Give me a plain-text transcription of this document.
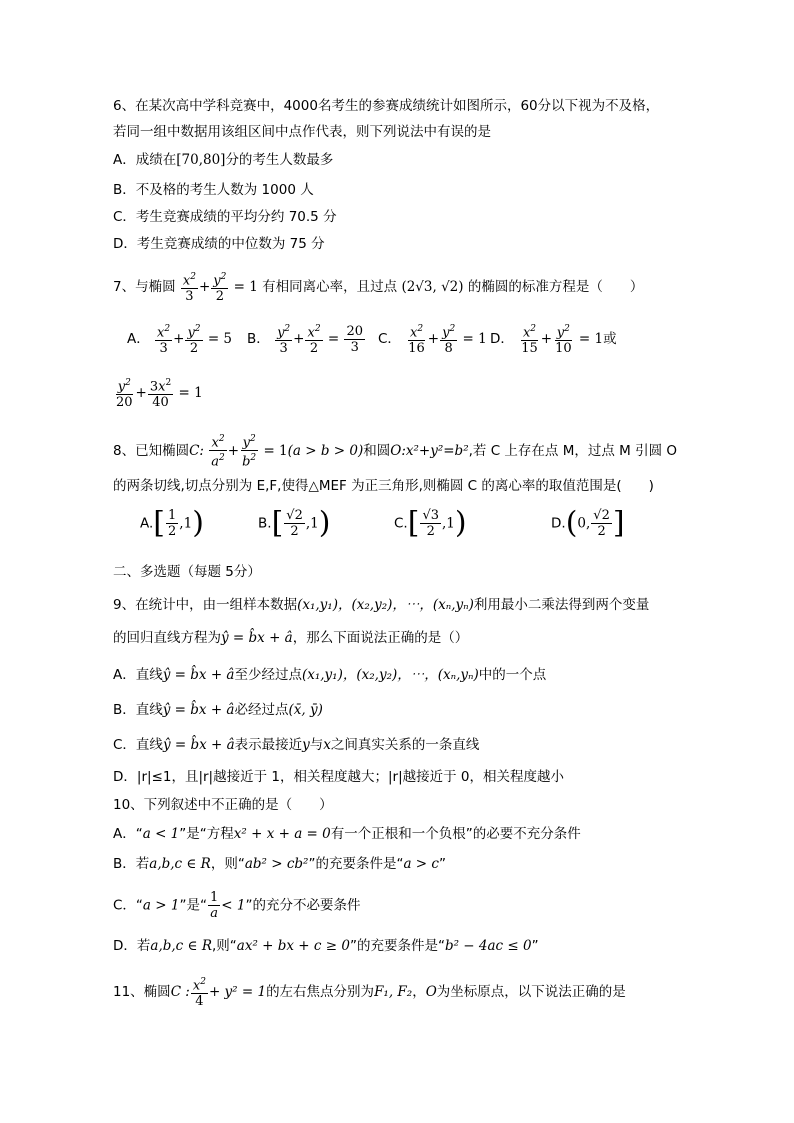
6、在某次高中学科竞赛中，4000名考生的参赛成绩统计如图所示，60分以下视为不及格，
若同一组中数据用该组区间中点作代表，则下列说法中有误的是
A．成绩在[70,80]分的考生人数最多
B．不及格的考生人数为 1000 人
C．考生竞赛成绩的平均分约 70.5 分
D．考生竞赛成绩的中位数为 75 分
7、与椭圆 $\frac{x^2}{3} + \frac{y^2}{2} = 1$ 有相同离心率，且过点 (2√3, √2) 的椭圆的标准方程是（　　）
A． $\frac{x^2}{3} + \frac{y^2}{2} = 5$ B． $\frac{y^2}{3} + \frac{x^2}{2} = \frac{20}{3}$ C． $\frac{x^2}{16} + \frac{y^2}{8} = 1$ D． $\frac{x^2}{15} + \frac{y^2}{10} = 1$或
$\frac{y^2}{20} + \frac{3x^2}{40} = 1$
8、已知椭圆C: $\frac{x^2}{a^2} + \frac{y^2}{b^2} = 1(a > b > 0)$和圆O:x²+y²=b²,若 C 上存在点 M，过点 M 引圆 O
的两条切线,切点分别为 E,F,使得△MEF 为正三角形,则椭圆 C 的离心率的取值范围是(　　)
$A.[ \frac{1}{2} ,1)$	$B.[ \frac{√2}{2} ,1)$	$C.[ \frac{√3}{2} ,1)$	D.(0, $\frac{√2}{2}$ ]
二、多选题（每题 5分）
9、在统计中，由一组样本数据(x₁,y₁)，(x₂,y₂)，⋯，(xₙ,yₙ)利用最小二乘法得到两个变量
的回归直线方程为ŷ = b̂x + â，那么下面说法正确的是（）
A．直线ŷ = b̂x + â至少经过点(x₁,y₁)，(x₂,y₂)，⋯，(xₙ,yₙ)中的一个点
B．直线ŷ = b̂x + â必经过点(x̄, ȳ)
C．直线ŷ = b̂x + â表示最接近y与x之间真实关系的一条直线
D．|r|≤1，且|r|越接近于 1，相关程度越大；|r|越接近于 0，相关程度越小
10、下列叙述中不正确的是（　　）
A．“a < 1”是“方程x² + x + a = 0有一个正根和一个负根”的必要不充分条件
B．若a,b,c ∈ R，则“ab² > cb²”的充要条件是“a > c”
C．“a > 1”是“ $\frac{1}{a} < 1$”的充分不必要条件
D．若a,b,c ∈ R,则“ax² + bx + c ≥ 0”的充要条件是“b² − 4ac ≤ 0”
11、椭圆C : $\frac{x^2}{4} + y^2 = 1$的左右焦点分别为F₁, F₂，O为坐标原点，以下说法正确的是
